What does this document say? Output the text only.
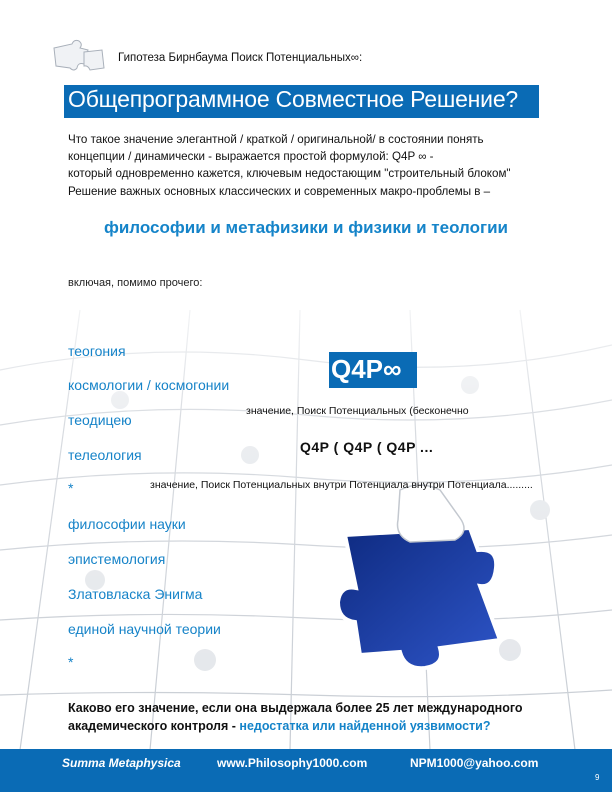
Гипотеза Бирнбаума Поиск Потенциальных∞:
Общепрограммное Совместное Решение?
Что такое значение элегантной / краткой / оригинальной/ в состоянии понять
концепции / динамически - выражается простой формулой: Q4P ∞ -
который одновременно кажется, ключевым недостающим "строительный блоком"
Решение важных основных классических и современных макро-проблемы в –
философии и метафизики и физики и теологии
включая, помимо прочего:
теогония
космологии / космогонии
теодицею
телеология
*
философии науки
эпистемология
Златовласка Энигма
единой научной теории
*
Q4P∞
значение, Поиск Потенциальных (бесконечно
Q4P ( Q4P ( Q4P ...
значение, Поиск Потенциальных внутри Потенциала внутри Потенциала.........
Каково его значение, если она выдержала более 25 лет международного академического контроля - недостатка или найденной уязвимости?
Summa Metaphysica	www.Philosophy1000.com	NPM1000@yahoo.com
9
